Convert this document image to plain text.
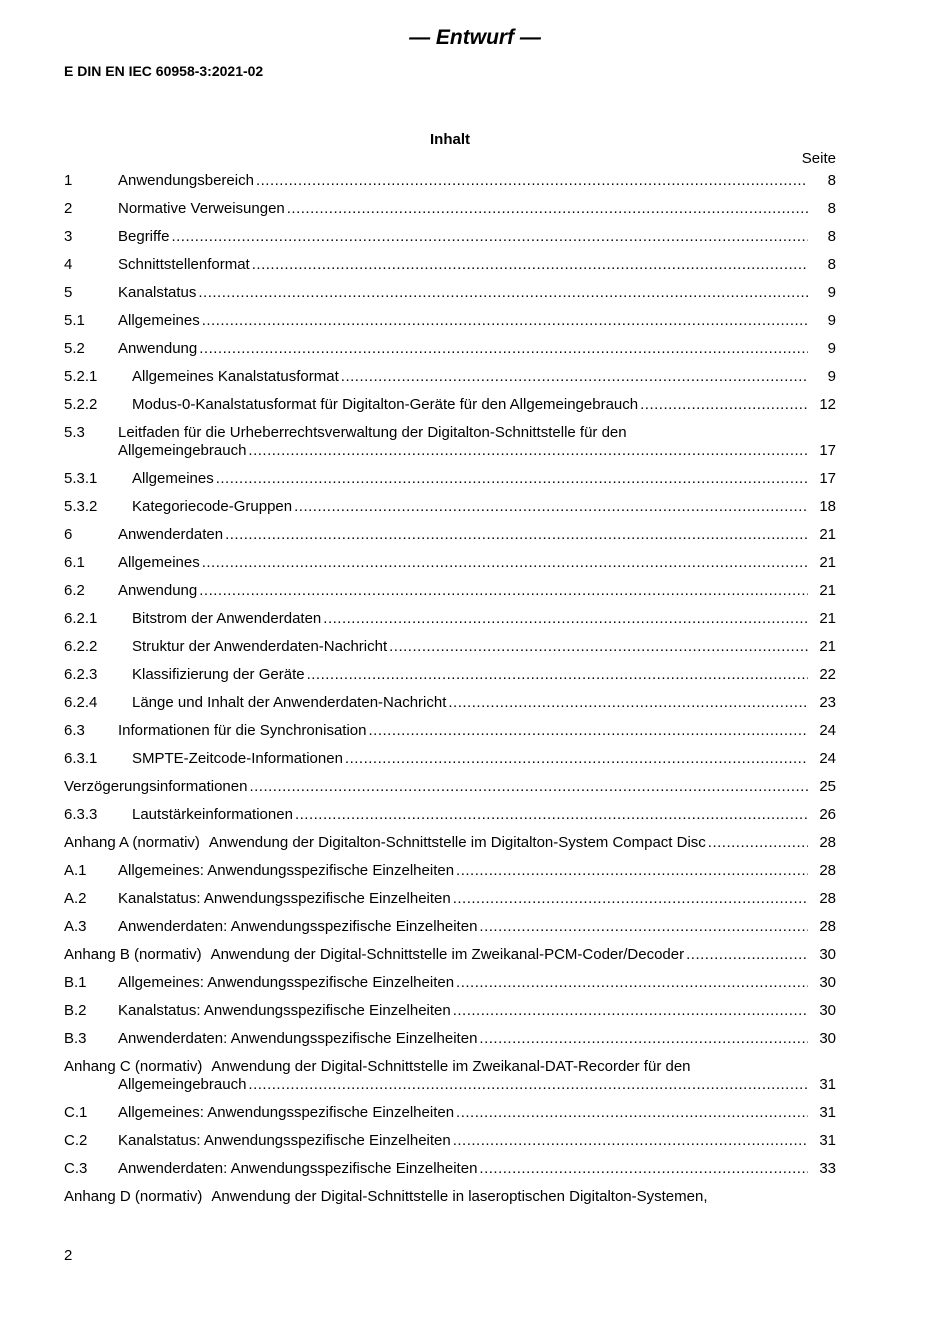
— Entwurf —
E DIN EN IEC 60958-3:2021-02
Inhalt
Seite
1	Anwendungsbereich .....	8
2	Normative Verweisungen .....	8
3	Begriffe .....	8
4	Schnittstellenformat .....	8
5	Kanalstatus .....	9
5.1	Allgemeines .....	9
5.2	Anwendung .....	9
5.2.1	Allgemeines Kanalstatusformat .....	9
5.2.2	Modus-0-Kanalstatusformat für Digitalton-Geräte für den Allgemeingebrauch .....	12
5.3	Leitfaden für die Urheberrechtsverwaltung der Digitalton-Schnittstelle für den
Allgemeingebrauch .....	17
5.3.1	Allgemeines .....	17
5.3.2	Kategoriecode-Gruppen .....	18
6	Anwenderdaten .....	21
6.1	Allgemeines .....	21
6.2	Anwendung .....	21
6.2.1	Bitstrom der Anwenderdaten .....	21
6.2.2	Struktur der Anwenderdaten-Nachricht .....	21
6.2.3	Klassifizierung der Geräte .....	22
6.2.4	Länge und Inhalt der Anwenderdaten-Nachricht .....	23
6.3	Informationen für die Synchronisation .....	24
6.3.1	SMPTE-Zeitcode-Informationen .....	24
Verzögerungsinformationen .....	25
6.3.3	Lautstärkeinformationen .....	26
Anhang A (normativ) Anwendung der Digitalton-Schnittstelle im Digitalton-System Compact Disc .....	28
A.1	Allgemeines: Anwendungsspezifische Einzelheiten .....	28
A.2	Kanalstatus: Anwendungsspezifische Einzelheiten .....	28
A.3	Anwenderdaten: Anwendungsspezifische Einzelheiten .....	28
Anhang B (normativ) Anwendung der Digital-Schnittstelle im Zweikanal-PCM-Coder/Decoder .....	30
B.1	Allgemeines: Anwendungsspezifische Einzelheiten .....	30
B.2	Kanalstatus: Anwendungsspezifische Einzelheiten .....	30
B.3	Anwenderdaten: Anwendungsspezifische Einzelheiten .....	30
Anhang C (normativ) Anwendung der Digital-Schnittstelle im Zweikanal-DAT-Recorder für den
Allgemeingebrauch .....	31
C.1	Allgemeines: Anwendungsspezifische Einzelheiten .....	31
C.2	Kanalstatus: Anwendungsspezifische Einzelheiten .....	31
C.3	Anwenderdaten: Anwendungsspezifische Einzelheiten .....	33
Anhang D (normativ) Anwendung der Digital-Schnittstelle in laseroptischen Digitalton-Systemen,
2
